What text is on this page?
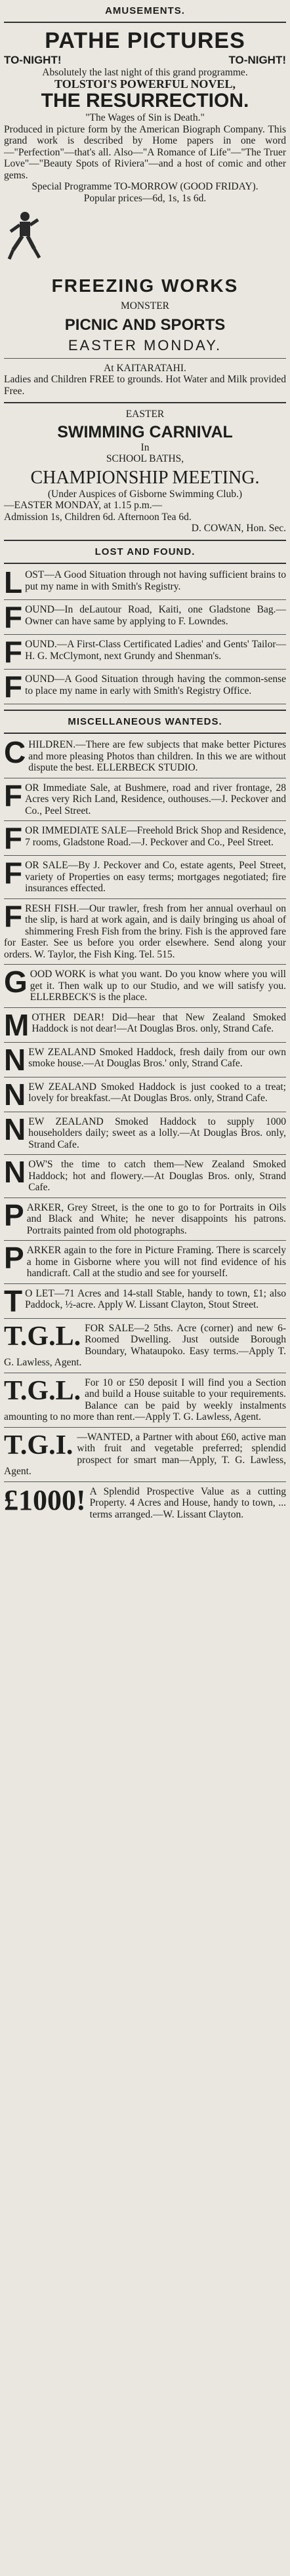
AMUSEMENTS.
PATHE PICTURES
TO-NIGHT!	TO-NIGHT!

Absolutely the last night of this grand programme.

TOLSTOI'S POWERFUL NOVEL,

THE RESURRECTION.

"The Wages of Sin is Death."

Produced in picture form by the American Biograph Company. This grand work is described by Home papers in one word—"Perfection"—that's all. Also—"A Romance of Life"—"The Truer Love"—"Beauty Spots of Riviera"—and a host of comic and other gems.

Special Programme TO-MORROW (GOOD FRIDAY).

Popular prices—6d, 1s, 1s 6d.

FREEZING WORKS

MONSTER

PICNIC AND SPORTS
EASTER MONDAY.

At KAITARATAHI.

Ladies and Children FREE to grounds. Hot Water and Milk provided Free.

EASTER

SWIMMING CARNIVAL

In

SCHOOL BATHS,

CHAMPIONSHIP MEETING.

(Under Auspices of Gisborne Swimming Club.)

—EASTER MONDAY, at 1.15 p.m.—

Admission 1s, Children 6d. Afternoon Tea 6d.

D. COWAN, Hon. Sec.
LOST AND FOUND.
L OST—A Good Situation through not having sufficient brains to put my name in with Smith's Registry.

F OUND—In deLautour Road, Kaiti, one Gladstone Bag.—Owner can have same by applying to F. Lowndes.

F OUND.—A First-Class Certificated Ladies' and Gents' Tailor—H. G. McClymont, next Grundy and Shenman's.

F OUND—A Good Situation through having the common-sense to place my name in early with Smith's Registry Office.

MISCELLANEOUS WANTEDS.
C HILDREN.—There are few subjects that make better Pictures and more pleasing Photos than children. In this we are without dispute the best. ELLERBECK STUDIO.

F OR Immediate Sale, at Bushmere, road and river frontage, 28 Acres very Rich Land, Residence, outhouses.—J. Peckover and Co., Peel Street.

F OR IMMEDIATE SALE—Freehold Brick Shop and Residence, 7 rooms, Gladstone Road.—J. Peckover and Co., Peel Street.

F OR SALE—By J. Peckover and Co, estate agents, Peel Street, variety of Properties on easy terms; mortgages negotiated; fire insurances effected.

F RESH FISH.—Our trawler, fresh from her annual overhaul on the slip, is hard at work again, and is daily bringing us ahoal of shimmering Fresh Fish from the briny. Fish is the approved fare for Easter. See us before you order elsewhere. Send along your orders. W. Taylor, the Fish King. Tel. 515.

G OOD WORK is what you want. Do you know where you will get it. Then walk up to our Studio, and we will satisfy you. ELLERBECK'S is the place.

M OTHER DEAR! Did—hear that New Zealand Smoked Haddock is not dear!—At Douglas Bros. only, Strand Cafe.

N EW ZEALAND Smoked Haddock, fresh daily from our own smoke house.—At Douglas Bros.' only, Strand Cafe.

N EW ZEALAND Smoked Haddock is just cooked to a treat; lovely for breakfast.—At Douglas Bros. only, Strand Cafe.

N EW ZEALAND Smoked Haddock to supply 1000 householders daily; sweet as a lolly.—At Douglas Bros. only, Strand Cafe.

N OW'S the time to catch them—New Zealand Smoked Haddock; hot and flowery.—At Douglas Bros. only, Strand Cafe.

P ARKER, Grey Street, is the one to go to for Portraits in Oils and Black and White; he never disappoints his patrons. Portraits painted from old photographs.

P ARKER again to the fore in Picture Framing. There is scarcely a home in Gisborne where you will not find evidence of his handicraft. Call at the studio and see for yourself.

T O LET—71 Acres and 14-stall Stable, handy to town, £1; also Paddock, ½-acre. Apply W. Lissant Clayton, Stout Street.

T.G.L. FOR SALE—2 5ths. Acre (corner) and new 6-Roomed Dwelling. Just outside Borough Boundary, Whataupoko. Easy terms.—Apply T. G. Lawless, Agent.

T.G.L. For 10 or £50 deposit I will find you a Section and build a House suitable to your requirements. Balance can be paid by weekly instalments amounting to no more than rent.—Apply T. G. Lawless, Agent.

T.G.I. —WANTED, a Partner with about £60, active man with fruit and vegetable preferred; splendid prospect for smart man—Apply, T. G. Lawless, Agent.

£1000! A Splendid Prospective Value as a cutting Property. 4 Acres and House, handy to town, ... terms arranged.—W. Lissant Clayton.
